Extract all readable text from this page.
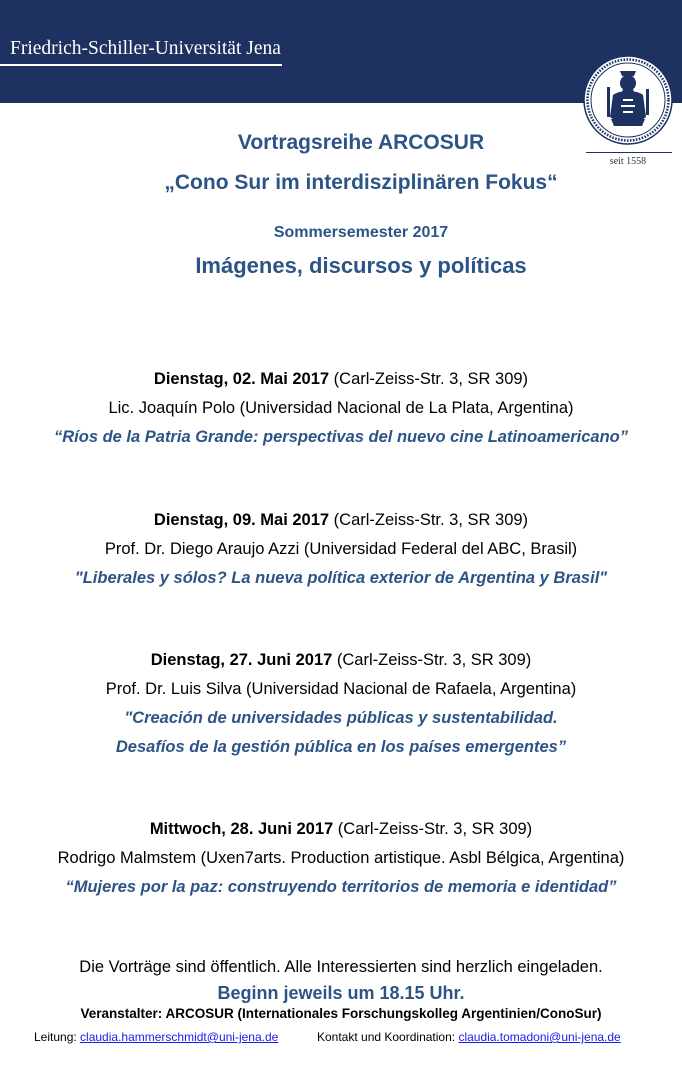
Friedrich-Schiller-Universität Jena
seit 1558
Vortragsreihe ARCOSUR
„Cono Sur im interdisziplinären Fokus“
Sommersemester 2017
Imágenes, discursos y políticas
Dienstag, 02. Mai 2017 (Carl-Zeiss-Str. 3, SR 309)
Lic. Joaquín Polo (Universidad Nacional de La Plata, Argentina)
“Ríos de la Patria Grande: perspectivas del nuevo cine Latinoamericano”
Dienstag, 09. Mai 2017 (Carl-Zeiss-Str. 3, SR 309)
Prof. Dr. Diego Araujo Azzi (Universidad Federal del ABC, Brasil)
"Liberales y sólos? La nueva política exterior de Argentina y Brasil"
Dienstag, 27. Juni 2017 (Carl-Zeiss-Str. 3, SR 309)
Prof. Dr. Luis Silva (Universidad Nacional de Rafaela, Argentina)
"Creación de universidades públicas y sustentabilidad.
Desafíos de la gestión pública en los países emergentes”
Mittwoch, 28. Juni 2017 (Carl-Zeiss-Str. 3, SR 309)
Rodrigo Malmstem (Uxen7arts. Production artistique. Asbl Bélgica, Argentina)
“Mujeres por la paz: construyendo territorios de memoria e identidad”
Die Vorträge sind öffentlich. Alle Interessierten sind herzlich eingeladen.
Beginn jeweils um 18.15 Uhr.
Veranstalter: ARCOSUR (Internationales Forschungskolleg Argentinien/ConoSur)
Leitung: claudia.hammerschmidt@uni-jena.de	Kontakt und Koordination: claudia.tomadoni@uni-jena.de
